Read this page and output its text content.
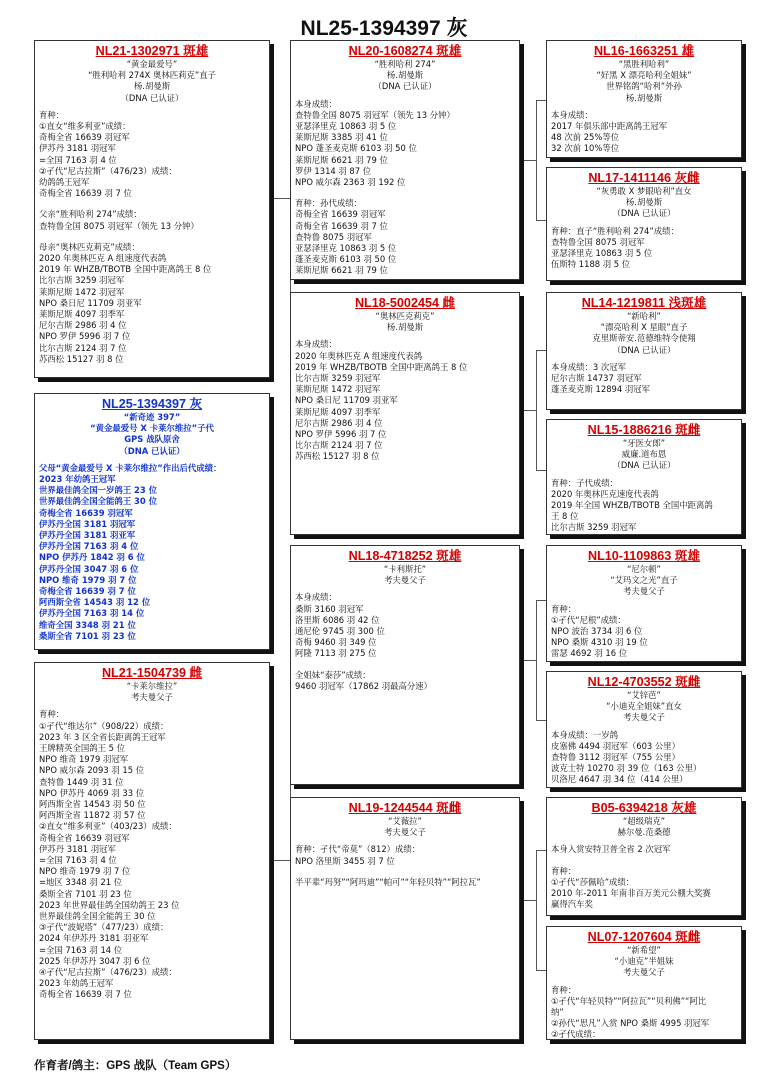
NL25-1394397 灰
NL21-1302971 斑雄
“黄金最爱号”
“胜利哈利 274X 奥林匹莉克”直子
杨.胡曼斯
（DNA 已认证）
育种：
①直女“维多利亚”成绩：
奇梅全省 16639 羽冠军
伊苏丹 3181 羽冠军
=全国 7163 羽 4 位
②孑代“尼古拉斯”（476/23）成绩：
幼鸽鸽王冠军
奇梅全省 16639 羽 7 位
父亲“胜利哈利 274”成绩：
查特鲁全国 8075 羽冠军（领先 13 分钟）
母亲“奥林匹克莉克”成绩：
2020 年奥林匹克 A 组速度代表鸽
2019 年 WHZB/TBOTB 全国中距离鸽王 8 位
比尔吉斯 3259 羽冠军
莱斯尼斯 1472 羽冠军
NPO 桑日尼 11709 羽亚军
莱斯尼斯 4097 羽季军
尼尔吉斯 2986 羽 4 位
NPO 罗伊 5996 羽 7 位
比尔吉斯 2124 羽 7 位
苏西松 15127 羽 8 位
NL25-1394397 灰
“新奇迹 397”
“黄金最爱号 X 卡莱尔维拉”子代
GPS 战队原舍
（DNA 已认证）
父母“黄金最爱号 X 卡莱尔维拉”作出后代成绩：
2023 年幼鸽王冠军
世界最佳鸽全国一岁鸽王 23 位
世界最佳鸽全国全能鸽王 30 位
奇梅全省 16639 羽冠军
伊苏丹全国 3181 羽冠军
伊苏丹全国 3181 羽亚军
伊苏丹全国 7163 羽 4 位
NPO 伊苏丹 1842 羽 6 位
伊苏丹全国 3047 羽 6 位
NPO 维奇 1979 羽 7 位
奇梅全省 16639 羽 7 位
阿西斯全省 14543 羽 12 位
伊苏丹全国 7163 羽 14 位
维奇全国 3348 羽 21 位
桑斯全省 7101 羽 23 位
NL21-1504739 雌
“卡莱尔维拉”
考夫曼父子
育种：
①孑代“维达尔”（908/22）成绩：
2023 年 3 区全省长距离鸽王冠军
王牌精英全国鸽王 5 位
NPO 维奇 1979 羽冠军
NPO 威尔森 2093 羽 15 位
查特鲁 1449 羽 31 位
NPO 伊苏丹 4069 羽 33 位
阿西斯全省 14543 羽 50 位
阿西斯全省 11872 羽 57 位
②直女“维多利亚”（403/23）成绩：
奇梅全省 16639 羽冠军
伊苏丹 3181 羽冠军
=全国 7163 羽 4 位
NPO 维奇 1979 羽 7 位
=地区 3348 羽 21 位
桑斯全省 7101 羽 23 位
2023 年世界最佳鸽全国幼鸽王 23 位
世界最佳鸽全国全能鸽王 30 位
③孑代“波妮塔”（477/23）成绩：
2024 年伊苏丹 3181 羽亚军
=全国 7163 羽 14 位
2025 年伊苏丹 3047 羽 6 位
④孑代“尼古拉斯”（476/23）成绩：
2023 年幼鸽王冠军
奇梅全省 16639 羽 7 位
NL20-1608274 斑雄
“胜利哈利 274”
杨.胡曼斯
（DNA 已认证）
本身成绩：
查特鲁全国 8075 羽冠军（领先 13 分钟）
亚瑟泽里克 10863 羽 5 位
莱斯尼斯 3385 羽 41 位
NPO 蓬圣麦克斯 6103 羽 50 位
莱斯尼斯 6621 羽 79 位
罗伊 1314 羽 87 位
NPO 威尔森 2363 羽 192 位
育种：孙代成绩：
奇梅全省 16639 羽冠军
奇梅全省 16639 羽 7 位
查特鲁 8075 羽冠军
亚瑟泽里克 10863 羽 5 位
蓬圣麦克斯 6103 羽 50 位
莱斯尼斯 6621 羽 79 位
NL18-5002454 雌
“奥林匹克莉克”
杨.胡曼斯
本身成绩：
2020 年奥林匹克 A 组速度代表鸽
2019 年 WHZB/TBOTB 全国中距离鸽王 8 位
比尔吉斯 3259 羽冠军
莱斯尼斯 1472 羽冠军
NPO 桑日尼 11709 羽亚军
莱斯尼斯 4097 羽季军
尼尔吉斯 2986 羽 4 位
NPO 罗伊 5996 羽 7 位
比尔吉斯 2124 羽 7 位
苏西松 15127 羽 8 位
NL18-4718252 斑雄
“卡利斯托”
考夫曼父子
本身成绩：
桑斯 3160 羽冠军
洛里斯 6086 羽 42 位
通尼伦 9745 羽 300 位
奇梅 9460 羽 349 位
阿隆 7113 羽 275 位
全姐妹“泰莎”成绩：
9460 羽冠军（17862 羽最高分速）
NL19-1244544 斑雌
“艾薇拉”
考夫曼父子
育种：孑代“帝莫”（812）成绩：
NPO 洛里斯 3455 羽 7 位
半平辈“玛努”“阿玛迪”“帕可”“年轻贝特”“阿拉瓦”
NL16-1663251 雄
“黑胜利哈利”
“好黑 X 漂亮哈利全姐妹”
世界铭鸽“哈利”外孙
杨.胡曼斯
本身成绩：
2017 年俱乐部中距离鸽王冠军
48 次前 25%等位
32 次前 10%等位
NL17-1411146 灰雌
“灰勇敢 X 梦眼哈利”直女
杨.胡曼斯
（DNA 已认证）
育种：直子“胜利哈利 274”成绩：
查特鲁全国 8075 羽冠军
亚瑟泽里克 10863 羽 5 位
伍斯特 1188 羽 5 位
NL14-1219811 浅斑雄
“新哈利”
“漂亮哈利 X 星眼”直子
克里斯蒂安.范德维特令使翔
（DNA 已认证）
本身成绩：3 次冠军
尼尔吉斯 14737 羽冠军
蓬圣麦克斯 12894 羽冠军
NL15-1886216 斑雌
“牙医女郎”
威廉.道布恩
（DNA 已认证）
育种：子代成绩：
2020 年奥林匹克速度代表鸽
2019 年全国 WHZB/TBOTB 全国中距离鸽
王 8 位
比尔吉斯 3259 羽冠军
NL10-1109863 斑雄
“尼尔顿”
“艾玛文之光”直子
考夫曼父子
育种：
①孑代“尼根”成绩：
NPO 波治 3734 羽 6 位
NPO 桑斯 4310 羽 19 位
雷瑟 4692 羽 16 位
NL12-4703552 斑雌
“艾锌芭”
“小迪克全姐妹”直女
考夫曼父子
本身成绩：一岁鸽
皮塞佛 4494 羽冠军（603 公里）
查特鲁 3112 羽冠军（755 公里）
波克士特 10270 羽 39 位（163 公里）
贝洛尼 4647 羽 34 位（414 公里）
B05-6394218 灰雄
“超级瑞克”
赫尔曼.范桑德
本身入赏安特卫普全省 2 次冠军
育种：
①孑代“莎佩哈”成绩：
2010 年-2011 年南非百万美元公棚大奖赛
赢得汽车奖
NL07-1207604 斑雌
“新希望”
“小迪克”半姐妹
考夫曼父子
育种：
①孑代“年轻贝特”“阿拉瓦”“贝利佛”“阿比
纳”
②孙代“思凡”入赏 NPO 桑斯 4995 羽冠军
②孑代成绩：
作育者/鸽主：GPS 战队（Team GPS）
